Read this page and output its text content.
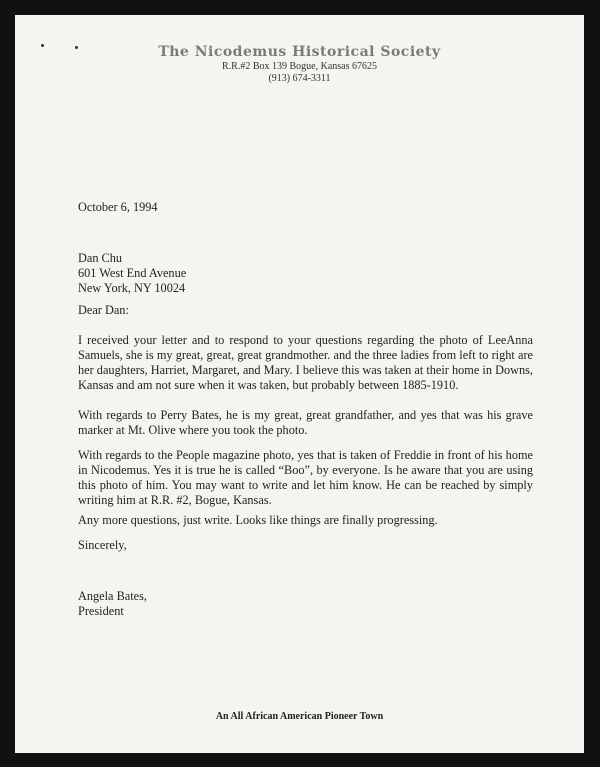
The Nicodemus Historical Society
R.R.#2 Box 139 Bogue, Kansas 67625
(913) 674-3311
October 6, 1994
Dan Chu
601 West End Avenue
New York, NY 10024
Dear Dan:

I received your letter and to respond to your questions regarding the photo of LeeAnna Samuels, she is my great, great, great grandmother. and the three ladies from left to right are her daughters, Harriet, Margaret, and Mary. I believe this was taken at their home in Downs, Kansas and am not sure when it was taken, but probably between 1885-1910.

With regards to Perry Bates, he is my great, great grandfather, and yes that was his grave marker at Mt. Olive where you took the photo.

With regards to the People magazine photo, yes that is taken of Freddie in front of his home in Nicodemus. Yes it is true he is called “Boo”, by everyone. Is he aware that you are using this photo of him. You may want to write and let him know. He can be reached by simply writing him at R.R. #2, Bogue, Kansas.

Any more questions, just write. Looks like things are finally progressing.

Sincerely,
Angela Bates,
President
An All African American Pioneer Town
